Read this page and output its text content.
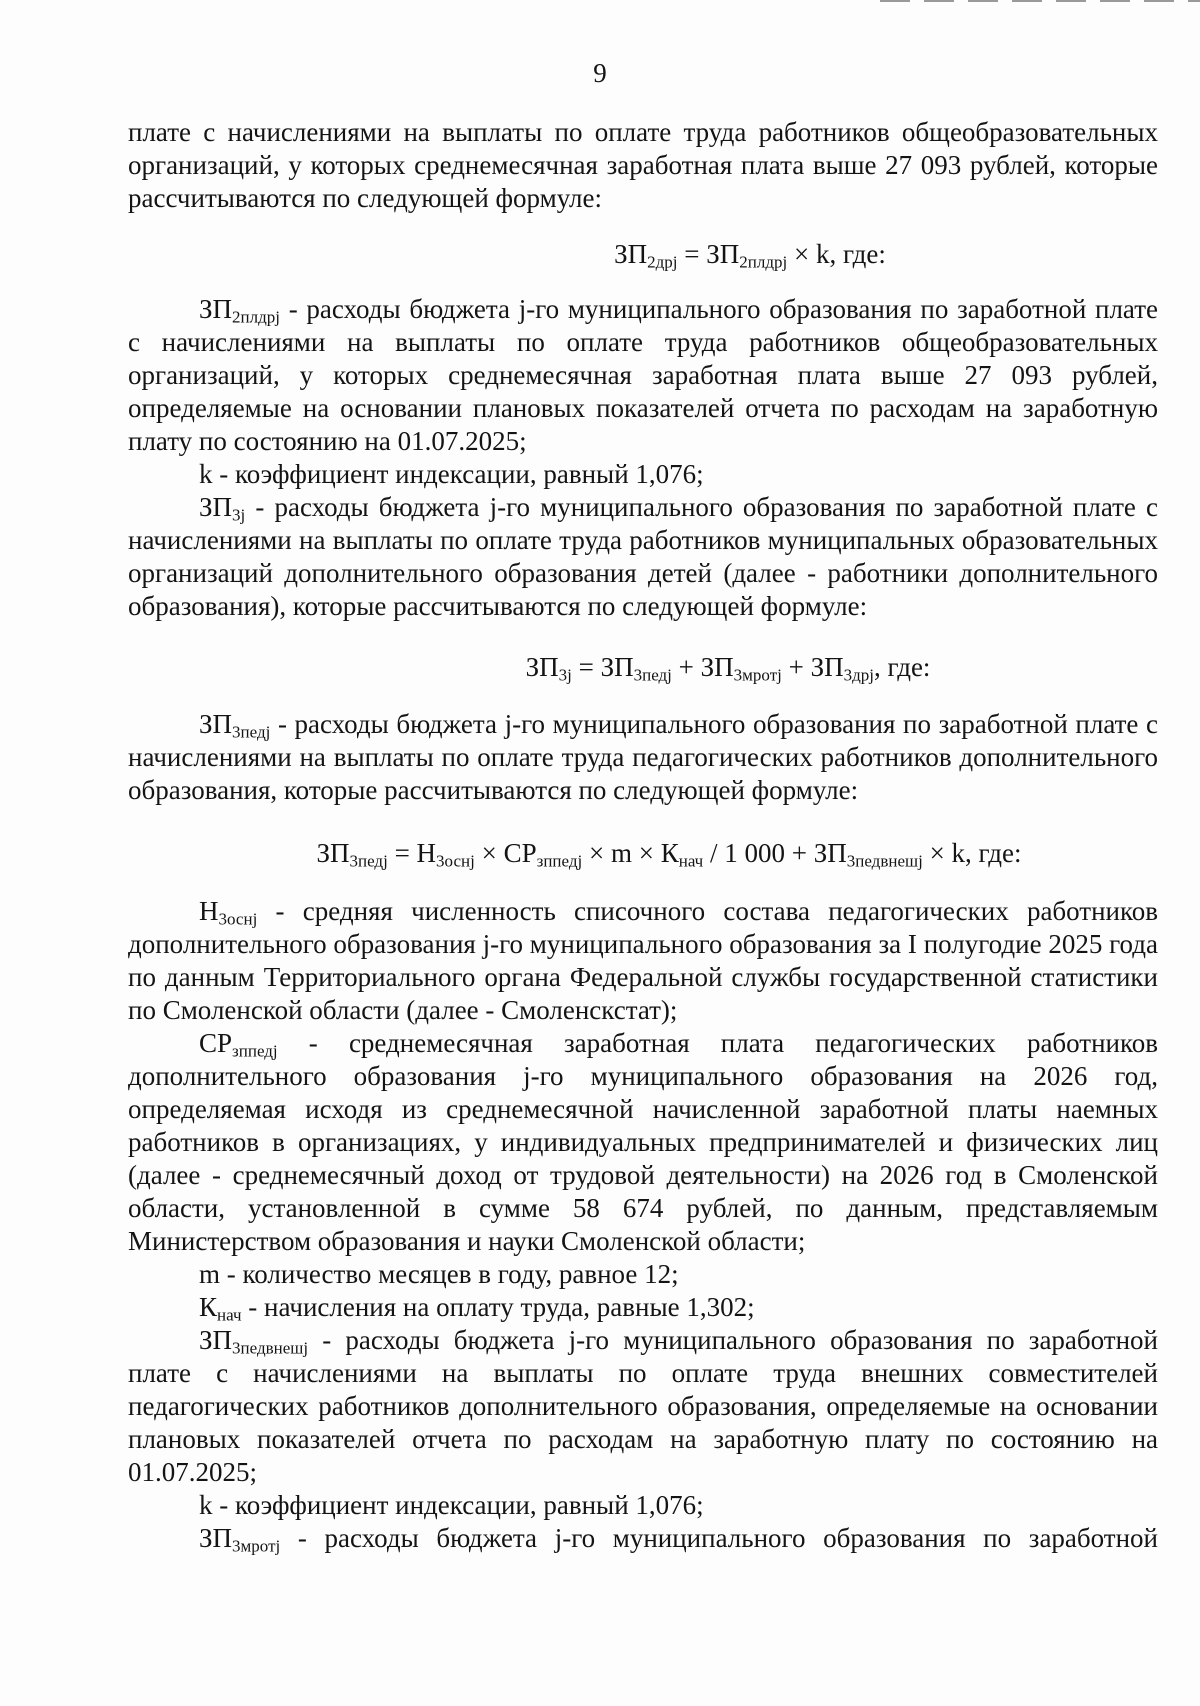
9

плате с начислениями на выплаты по оплате труда работников общеобразовательных организаций, у которых среднемесячная заработная плата выше 27 093 рублей, которые рассчитываются по следующей формуле:

$ЗП_{2дрj} = ЗП_{2плдрj} \times k$, где:

$ЗП_{2плдрj}$ - расходы бюджета j-го муниципального образования по заработной плате с начислениями на выплаты по оплате труда работников общеобразовательных организаций, у которых среднемесячная заработная плата выше 27 093 рублей, определяемые на основании плановых показателей отчета по расходам на заработную плату по состоянию на 01.07.2025;

k - коэффициент индексации, равный 1,076;

$ЗП_{3j}$ - расходы бюджета j-го муниципального образования по заработной плате с начислениями на выплаты по оплате труда работников муниципальных образовательных организаций дополнительного образования детей (далее - работники дополнительного образования), которые рассчитываются по следующей формуле:

$ЗП_{3j} = ЗП_{3педj} + ЗП_{3мротj} + ЗП_{3дрj}$, где:

$ЗП_{3педj}$ - расходы бюджета j-го муниципального образования по заработной плате с начислениями на выплаты по оплате труда педагогических работников дополнительного образования, которые рассчитываются по следующей формуле:

$ЗП_{3педj} = Н_{3оснj} \times СР_{зппедj} \times m \times К_{нач} / 1$ $000 + ЗП_{3педвнешj} \times k$, где:

$Н_{3оснj}$ - средняя численность списочного состава педагогических работников дополнительного образования j-го муниципального образования за I полугодие 2025 года по данным Территориального органа Федеральной службы государственной статистики по Смоленской области (далее - Смоленскстат);

$СР_{зппедj}$ - среднемесячная заработная плата педагогических работников дополнительного образования j-го муниципального образования на 2026 год, определяемая исходя из среднемесячной начисленной заработной платы наемных работников в организациях, у индивидуальных предпринимателей и физических лиц (далее - среднемесячный доход от трудовой деятельности) на 2026 год в Смоленской области, установленной в сумме 58 674 рублей, по данным, представляемым Министерством образования и науки Смоленской области;

m - количество месяцев в году, равное 12;

$К_{нач}$ - начисления на оплату труда, равные 1,302;

$ЗП_{3педвнешj}$ - расходы бюджета j-го муниципального образования по заработной плате с начислениями на выплаты по оплате труда внешних совместителей педагогических работников дополнительного образования, определяемые на основании плановых показателей отчета по расходам на заработную плату по состоянию на 01.07.2025;

k - коэффициент индексации, равный 1,076;

$ЗП_{3мротj}$ - расходы бюджета j-го муниципального образования по заработной
